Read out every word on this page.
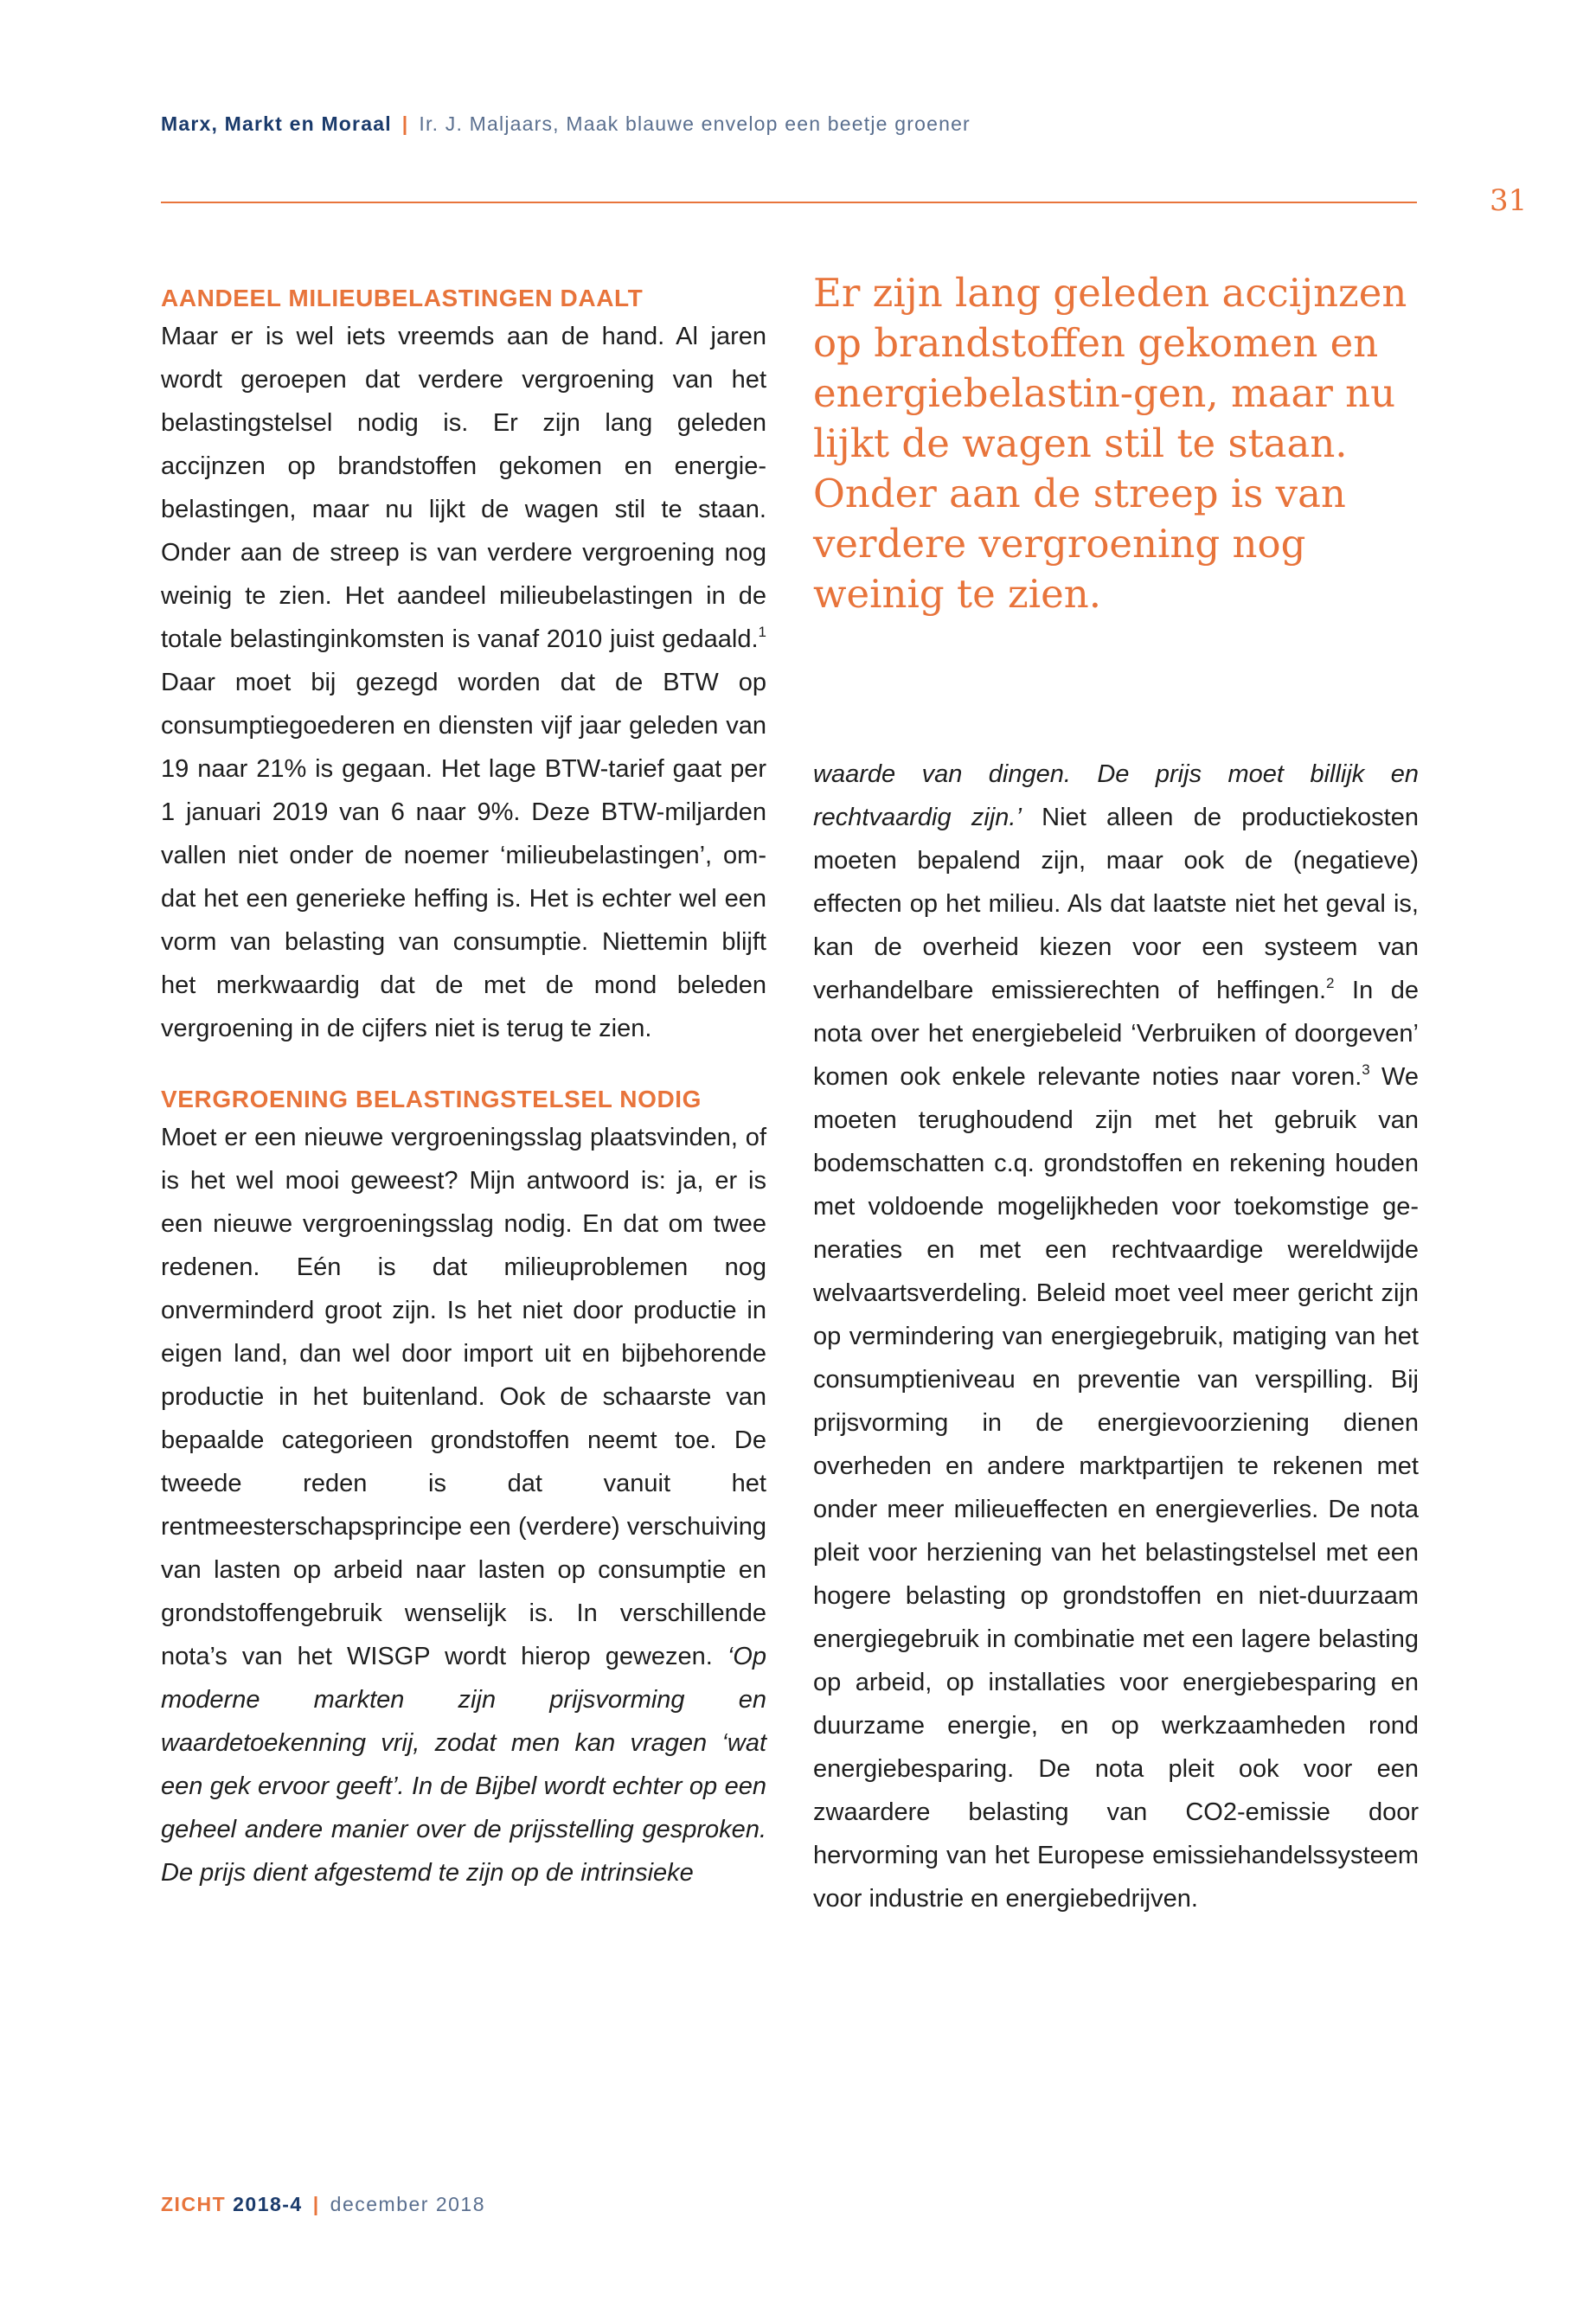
Marx, Markt en Moraal | Ir. J. Maljaars, Maak blauwe envelop een beetje groener
31
AANDEEL MILIEUBELASTINGEN DAALT

Maar er is wel iets vreemds aan de hand. Al jaren wordt geroepen dat verdere vergroening van het belastingstelsel nodig is. Er zijn lang geleden accijnzen op brandstoffen gekomen en energiebelastingen, maar nu lijkt de wagen stil te staan. Onder aan de streep is van verdere vergroening nog weinig te zien. Het aandeel milieubelastingen in de totale belastinginkomsten is vanaf 2010 juist gedaald.$^1$ Daar moet bij gezegd worden dat de BTW op consumptiegoederen en diensten vijf jaar geleden van 19 naar 21% is gegaan. Het lage BTW-tarief gaat per 1 januari 2019 van 6 naar 9%. Deze BTW-miljarden vallen niet onder de noemer ‘milieubelastingen’, omdat het een generieke heffing is. Het is echter wel een vorm van belasting van consumptie. Niettemin blijft het merkwaardig dat de met de mond beleden vergroening in de cijfers niet is terug te zien.

VERGROENING BELASTINGSTELSEL NODIG

Moet er een nieuwe vergroeningsslag plaatsvinden, of is het wel mooi geweest? Mijn antwoord is: ja, er is een nieuwe vergroeningsslag nodig. En dat om twee redenen. Eén is dat milieuproblemen nog onverminderd groot zijn. Is het niet door productie in eigen land, dan wel door import uit en bijbehorende productie in het buitenland. Ook de schaarste van bepaalde categorieen grondstoffen neemt toe. De tweede reden is dat vanuit het rentmeesterschapsprincipe een (verdere) verschuiving van lasten op arbeid naar lasten op consumptie en grondstoffengebruik wenselijk is. In verschillende nota’s van het WISGP wordt hierop gewezen. ‘Op moderne markten zijn prijsvorming en waardetoekenning vrij, zodat men kan vragen ‘wat een gek ervoor geeft’. In de Bijbel wordt echter op een geheel andere manier over de prijsstelling gesproken. De prijs dient afgestemd te zijn op de intrinsieke

Er zijn lang geleden accijnzen op brandstoffen gekomen en energiebelastin-gen, maar nu lijkt de wagen stil te staan. Onder aan de streep is van verdere vergroening nog weinig te zien.

waarde van dingen. De prijs moet billijk en rechtvaardig zijn.’ Niet alleen de productiekosten moeten bepalend zijn, maar ook de (negatieve) effecten op het milieu. Als dat laatste niet het geval is, kan de overheid kiezen voor een systeem van verhandelbare emissierechten of heffingen.$^2$ In de nota over het energiebeleid ‘Verbruiken of doorgeven’ komen ook enkele relevante noties naar voren.$^3$ We moeten terughoudend zijn met het gebruik van bodemschatten c.q. grondstoffen en rekening houden met voldoende mogelijkheden voor toekomstige generaties en met een rechtvaardige wereldwijde welvaartsverdeling. Beleid moet veel meer gericht zijn op vermindering van energiegebruik, matiging van het consumptieniveau en preventie van verspilling. Bij prijsvorming in de energievoorziening dienen overheden en andere marktpartijen te rekenen met onder meer milieueffecten en energieverlies. De nota pleit voor herziening van het belastingstelsel met een hogere belasting op grondstoffen en niet-duurzaam energiegebruik in combinatie met een lagere belasting op arbeid, op installaties voor energiebesparing en duurzame energie, en op werkzaamheden rond energiebesparing. De nota pleit ook voor een zwaardere belasting van CO2-emissie door hervorming van het Europese emissiehandelssysteem voor industrie en energiebedrijven.

ZICHT 2018-4 | december 2018
